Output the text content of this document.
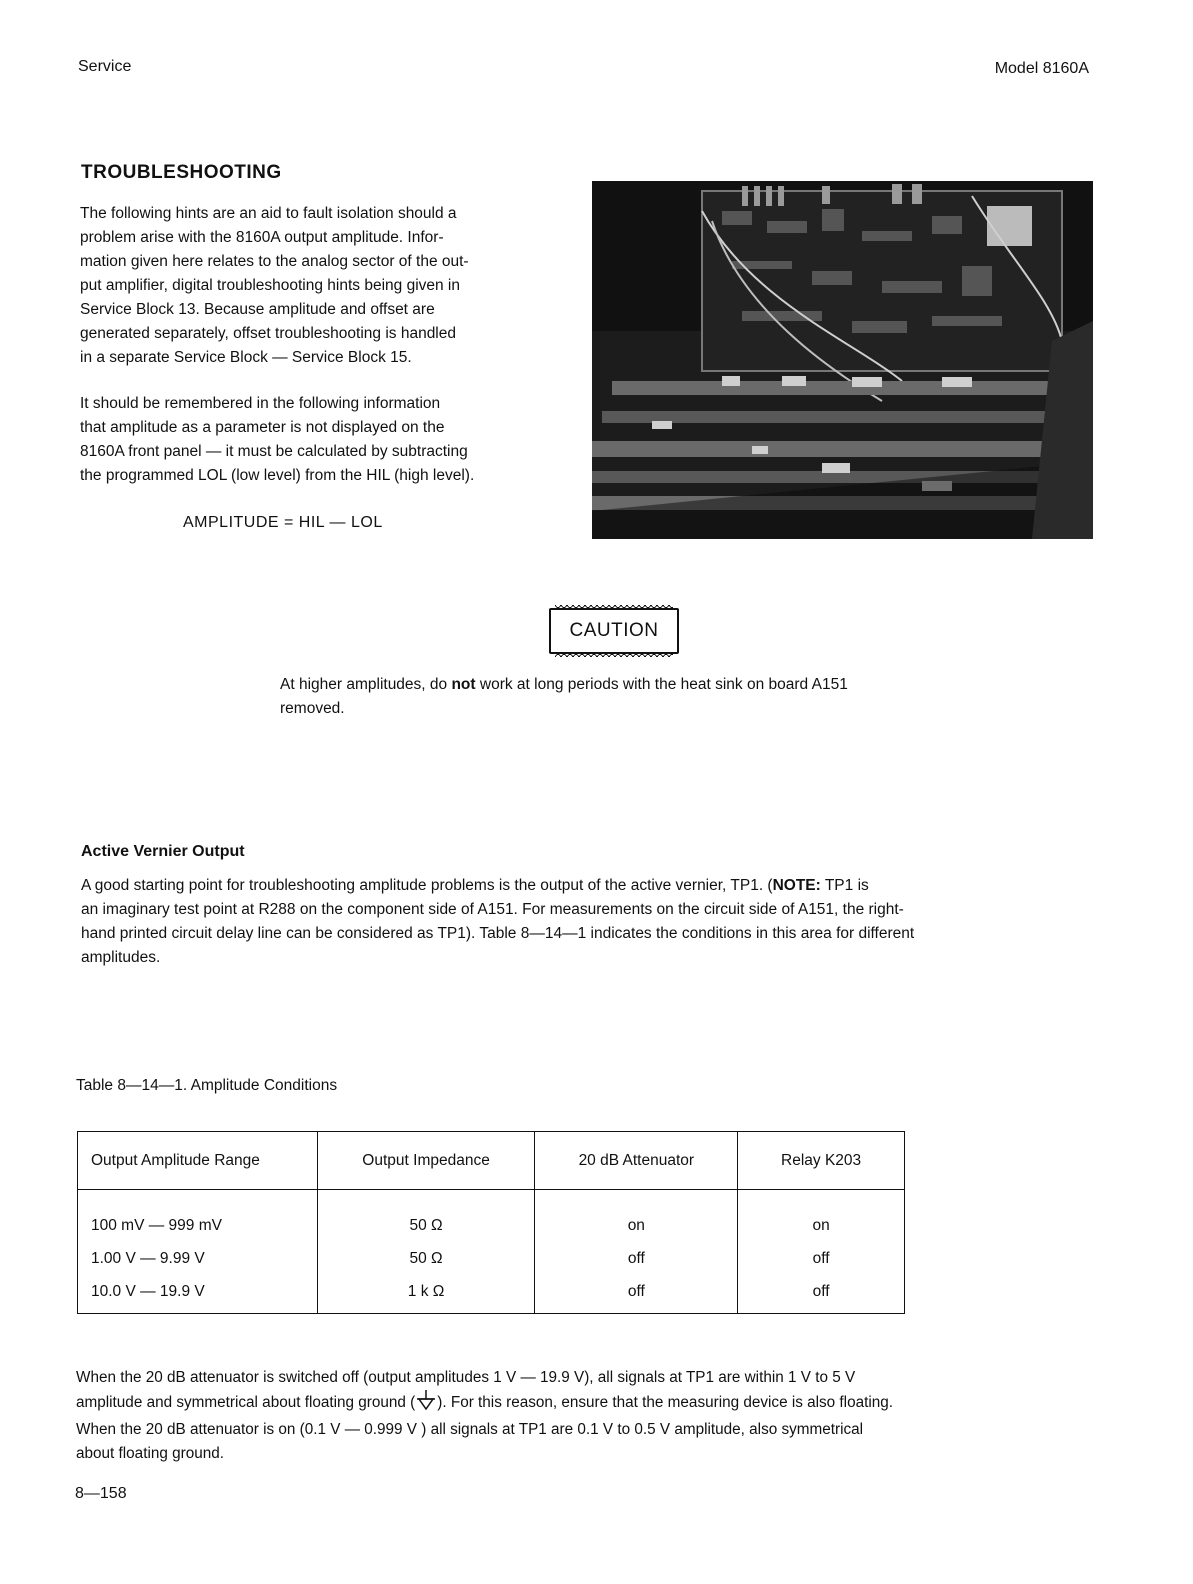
Service	Model 8160A
TROUBLESHOOTING

The following hints are an aid to fault isolation should a

problem arise with the 8160A output amplitude. Infor-

mation given here relates to the analog sector of the out-

put amplifier, digital troubleshooting hints being given in

Service Block 13. Because amplitude and offset are

generated separately, offset troubleshooting is handled

in a separate Service Block — Service Block 15.

It should be remembered in the following information

that amplitude as a parameter is not displayed on the

8160A front panel — it must be calculated by subtracting

the programmed LOL (low level) from the HIL (high level).

AMPLITUDE = HIL — LOL
CAUTION

At higher amplitudes, do not work at long periods with the heat sink on board A151

removed.

Active Vernier Output

A good starting point for troubleshooting amplitude problems is the output of the active vernier, TP1. (NOTE: TP1 is

an imaginary test point at R288 on the component side of A151. For measurements on the circuit side of A151, the right-

hand printed circuit delay line can be considered as TP1). Table 8—14—1 indicates the conditions in this area for different

amplitudes.

Table 8—14—1. Amplitude Conditions
Output Amplitude Range	Output Impedance	20 dB Attenuator	Relay K203
100 mV — 999 mV	50 Ω	on	on
1.00 V — 9.99 V	50 Ω	off	off
10.0 V — 19.9 V	1 k Ω	off	off

When the 20 dB attenuator is switched off (output amplitudes 1 V — 19.9 V), all signals at TP1 are within 1 V to 5 V

amplitude and symmetrical about floating ground ( ). For this reason, ensure that the measuring device is also floating.

When the 20 dB attenuator is on (0.1 V — 0.999 V ) all signals at TP1 are 0.1 V to 0.5 V amplitude, also symmetrical

about floating ground.

8—158
